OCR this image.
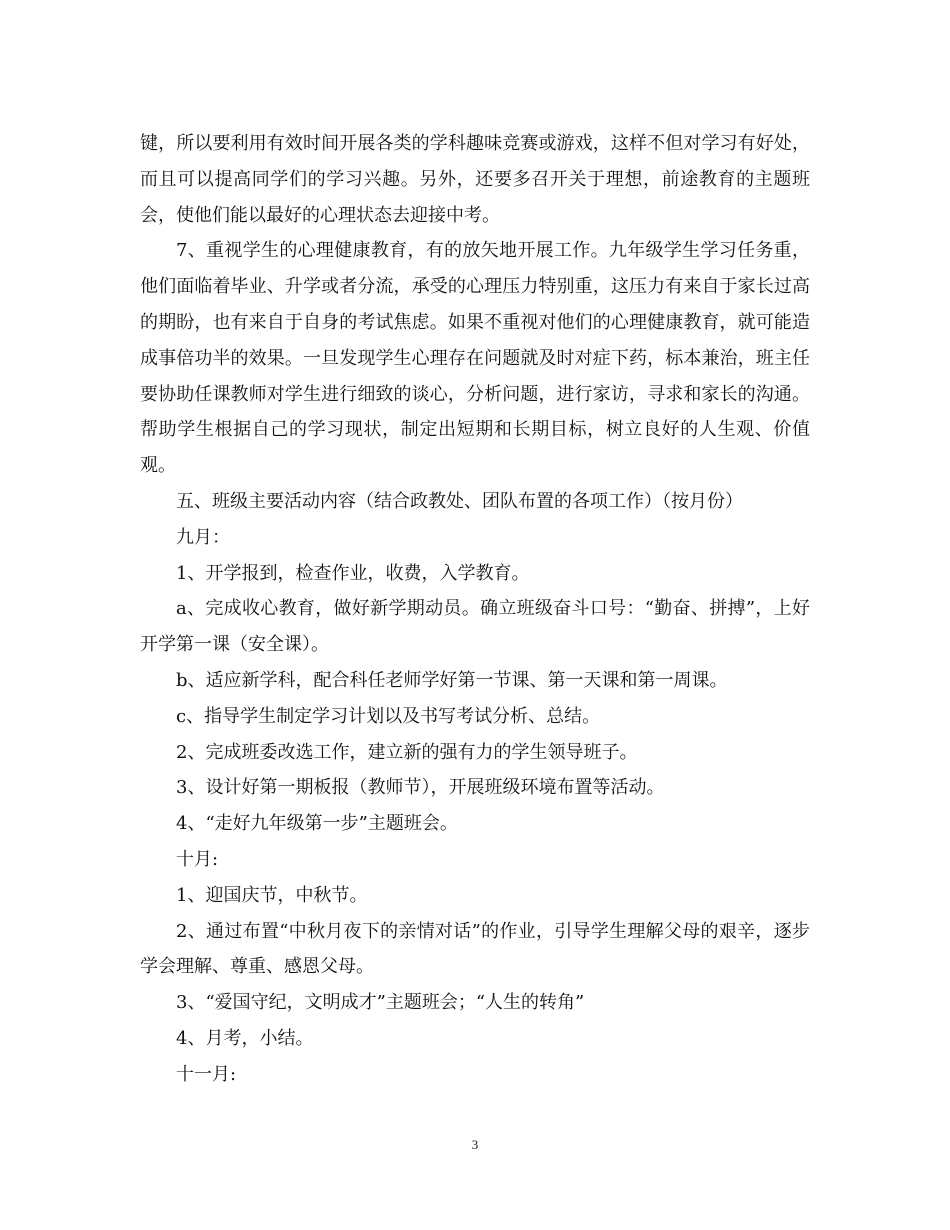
键，所以要利用有效时间开展各类的学科趣味竞赛或游戏，这样不但对学习有好处，而且可以提高同学们的学习兴趣。另外，还要多召开关于理想，前途教育的主题班会，使他们能以最好的心理状态去迎接中考。

7、重视学生的心理健康教育，有的放矢地开展工作。九年级学生学习任务重，他们面临着毕业、升学或者分流，承受的心理压力特别重，这压力有来自于家长过高的期盼，也有来自于自身的考试焦虑。如果不重视对他们的心理健康教育，就可能造成事倍功半的效果。一旦发现学生心理存在问题就及时对症下药，标本兼治，班主任要协助任课教师对学生进行细致的谈心，分析问题，进行家访，寻求和家长的沟通。帮助学生根据自己的学习现状，制定出短期和长期目标，树立良好的人生观、价值观。

五、班级主要活动内容（结合政教处、团队布置的各项工作）（按月份）

九月：

1、开学报到，检查作业，收费，入学教育。

a、完成收心教育，做好新学期动员。确立班级奋斗口号：“勤奋、拼搏”，上好开学第一课（安全课）。

b、适应新学科，配合科任老师学好第一节课、第一天课和第一周课。

c、指导学生制定学习计划以及书写考试分析、总结。

2、完成班委改选工作，建立新的强有力的学生领导班子。

3、设计好第一期板报（教师节），开展班级环境布置等活动。

4、“走好九年级第一步”主题班会。

十月:

1、迎国庆节，中秋节。

2、通过布置“中秋月夜下的亲情对话”的作业，引导学生理解父母的艰辛，逐步学会理解、尊重、感恩父母。

3、“爱国守纪，文明成才”主题班会；“人生的转角”

4、月考，小结。

十一月:

3
